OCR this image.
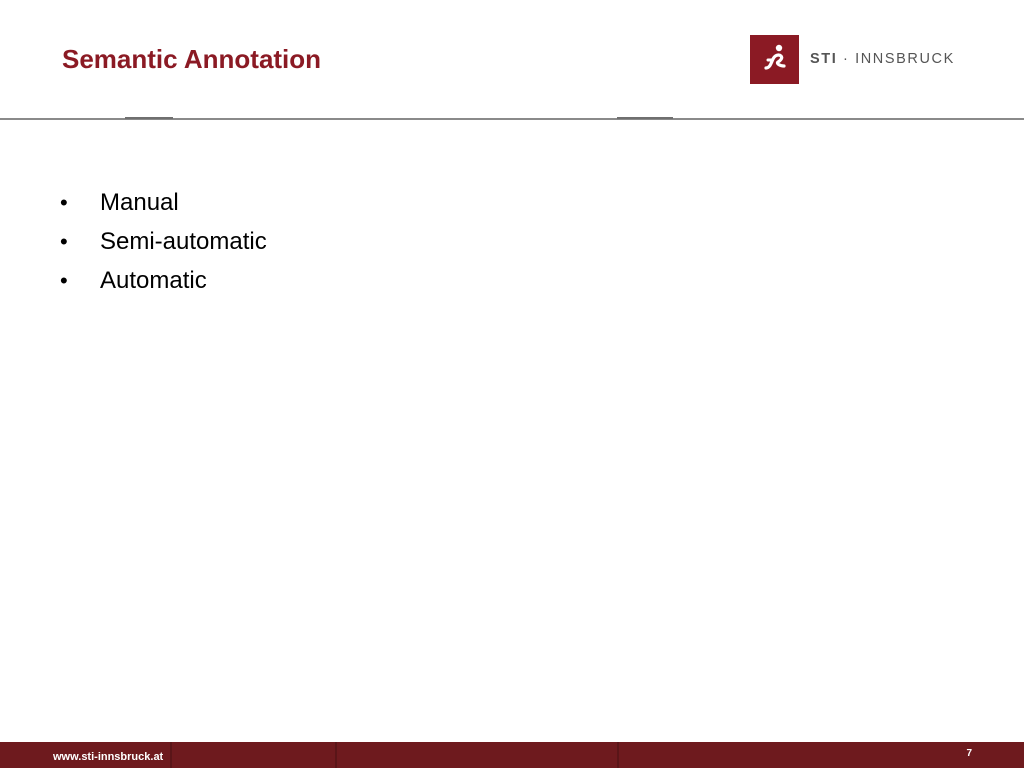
Semantic Annotation	STI · INNSBRUCK
• Manual
• Semi-automatic
• Automatic
www.sti-innsbruck.at	7
